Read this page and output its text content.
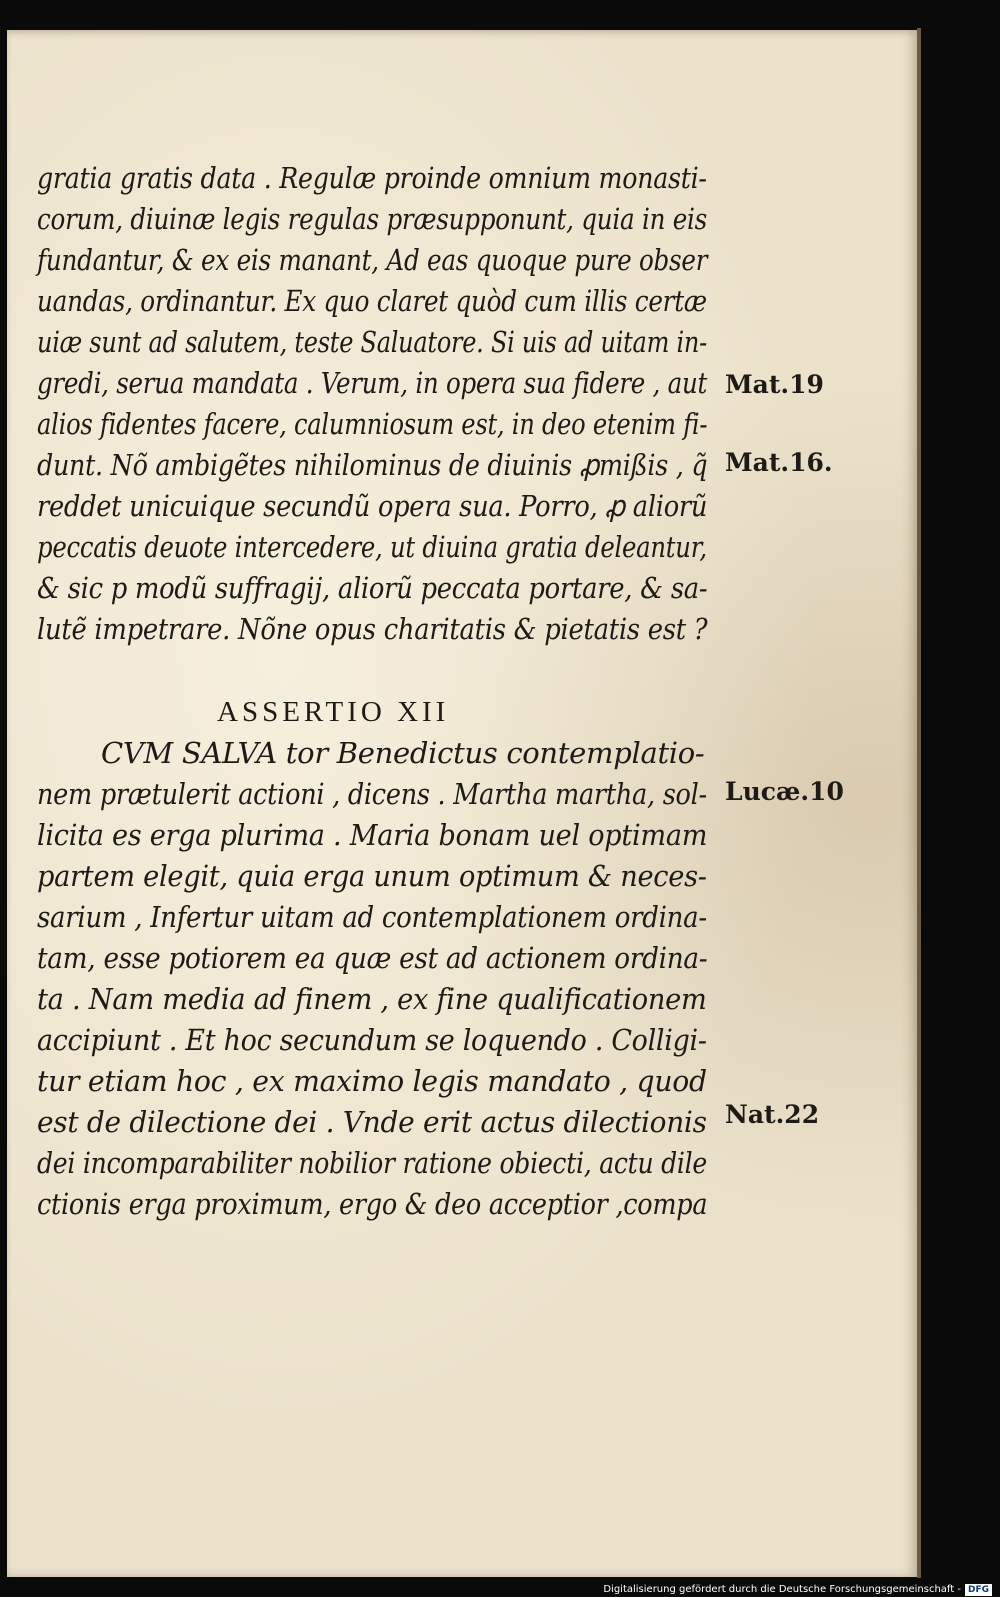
gratia gratis data . Regulæ proinde omnium monasti-
corum, diuinæ legis regulas præsupponunt, quia in eis
fundantur, & ex eis manant, Ad eas quoque pure obser
uandas, ordinantur. Ex quo claret quòd cum illis certæ
uiæ sunt ad salutem, teste Saluatore. Si uis ad uitam in-
gredi, serua mandata . Verum, in opera sua fidere , aut
alios fidentes facere, calumniosum est, in deo etenim fi-
dunt. Nõ ambigẽtes nihilominus de diuinis ꝓmißis , q̃
reddet unicuique secundũ opera sua. Porro, ꝓ aliorũ
peccatis deuote intercedere, ut diuina gratia deleantur,
& sic p modũ suffragij, aliorũ peccata portare, & sa-
lutẽ impetrare. Nõne opus charitatis & pietatis est ?
ASSERTIO XII
CVM SALVA tor Benedictus contemplatio-
nem prætulerit actioni , dicens . Martha martha, sol-
licita es erga plurima . Maria bonam uel optimam
partem elegit, quia erga unum optimum & neces-
sarium , Infertur uitam ad contemplationem ordina-
tam, esse potiorem ea quæ est ad actionem ordina-
ta . Nam media ad finem , ex fine qualificationem
accipiunt . Et hoc secundum se loquendo . Colligi-
tur etiam hoc , ex maximo legis mandato , quod
est de dilectione dei . Vnde erit actus dilectionis
dei incomparabiliter nobilior ratione obiecti, actu dile
ctionis erga proximum, ergo & deo acceptior ,compa
Mat.19
Mat.16.
Lucæ.10
Nat.22
Digitalisierung gefördert durch die Deutsche Forschungsgemeinschaft - DFG
